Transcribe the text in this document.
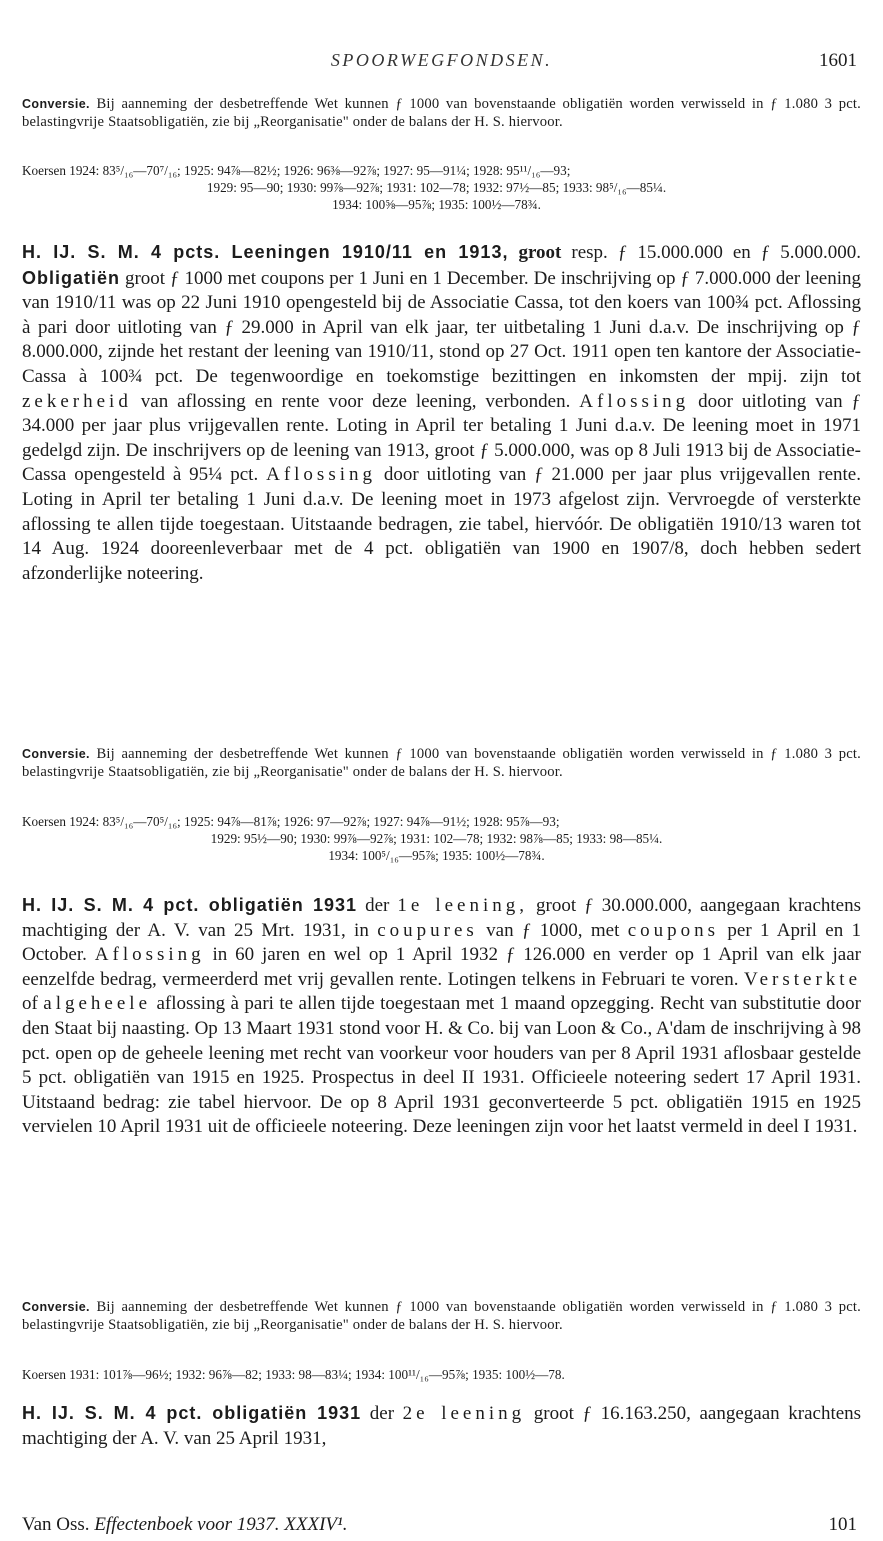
SPOORWEGFONDSEN.	1601
Conversie. Bij aanneming der desbetreffende Wet kunnen ƒ 1000 van bovenstaande obligatiën worden verwisseld in ƒ 1.080 3 pct. belastingvrije Staatsobligatiën, zie bij „Reorganisatie" onder de balans der H. S. hiervoor.
Koersen 1924: 83⁵/₁₆—70⁷/₁₆; 1925: 94⅞—82½; 1926: 96⅜—92⅞; 1927: 95—91¼; 1928: 95¹¹/₁₆—93;
1929: 95—90; 1930: 99⅞—92⅞; 1931: 102—78; 1932: 97½—85; 1933: 98⁵/₁₆—85¼.
1934: 100⅝—95⅞; 1935: 100½—78¾.
H. IJ. S. M. 4 pcts. Leeningen 1910/11 en 1913, groot resp. ƒ 15.000.000 en ƒ 5.000.000. Obligatiën groot ƒ 1000 met coupons per 1 Juni en 1 December. De inschrijving op ƒ 7.000.000 der leening van 1910/11 was op 22 Juni 1910 opengesteld bij de Associatie Cassa, tot den koers van 100¾ pct. Aflossing à pari door uitloting van ƒ 29.000 in April van elk jaar, ter uitbetaling 1 Juni d.a.v. De inschrijving op ƒ 8.000.000, zijnde het restant der leening van 1910/11, stond op 27 Oct. 1911 open ten kantore der Associatie-Cassa à 100¾ pct. De tegenwoordige en toekomstige bezittingen en inkomsten der mpij. zijn tot zekerheid van aflossing en rente voor deze leening, verbonden. Aflossing door uitloting van ƒ 34.000 per jaar plus vrijgevallen rente. Loting in April ter betaling 1 Juni d.a.v. De leening moet in 1971 gedelgd zijn. De inschrijvers op de leening van 1913, groot ƒ 5.000.000, was op 8 Juli 1913 bij de Associatie-Cassa opengesteld à 95¼ pct. Aflossing door uitloting van ƒ 21.000 per jaar plus vrijgevallen rente. Loting in April ter betaling 1 Juni d.a.v. De leening moet in 1973 afgelost zijn. Vervroegde of versterkte aflossing te allen tijde toegestaan. Uitstaande bedragen, zie tabel, hiervóór. De obligatiën 1910/13 waren tot 14 Aug. 1924 dooreenleverbaar met de 4 pct. obligatiën van 1900 en 1907/8, doch hebben sedert afzonderlijke noteering.
Conversie. Bij aanneming der desbetreffende Wet kunnen ƒ 1000 van bovenstaande obligatiën worden verwisseld in ƒ 1.080 3 pct. belastingvrije Staatsobligatiën, zie bij „Reorganisatie" onder de balans der H. S. hiervoor.
Koersen 1924: 83⁵/₁₆—70⁵/₁₆; 1925: 94⅞—81⅞; 1926: 97—92⅞; 1927: 94⅞—91½; 1928: 95⅞—93;
1929: 95½—90; 1930: 99⅞—92⅞; 1931: 102—78; 1932: 98⅞—85; 1933: 98—85¼.
1934: 100⁵/₁₆—95⅞; 1935: 100½—78¾.
H. IJ. S. M. 4 pct. obligatiën 1931 der 1e leening, groot ƒ 30.000.000, aangegaan krachtens machtiging der A. V. van 25 Mrt. 1931, in coupures van ƒ 1000, met coupons per 1 April en 1 October. Aflossing in 60 jaren en wel op 1 April 1932 ƒ 126.000 en verder op 1 April van elk jaar eenzelfde bedrag, vermeerderd met vrij gevallen rente. Lotingen telkens in Februari te voren. Versterkte of algeheele aflossing à pari te allen tijde toegestaan met 1 maand opzegging. Recht van substitutie door den Staat bij naasting. Op 13 Maart 1931 stond voor H. & Co. bij van Loon & Co., A'dam de inschrijving à 98 pct. open op de geheele leening met recht van voorkeur voor houders van per 8 April 1931 aflosbaar gestelde 5 pct. obligatiën van 1915 en 1925. Prospectus in deel II 1931. Officieele noteering sedert 17 April 1931. Uitstaand bedrag: zie tabel hiervoor. De op 8 April 1931 geconverteerde 5 pct. obligatiën 1915 en 1925 vervielen 10 April 1931 uit de officieele noteering. Deze leeningen zijn voor het laatst vermeld in deel I 1931.
Conversie. Bij aanneming der desbetreffende Wet kunnen ƒ 1000 van bovenstaande obligatiën worden verwisseld in ƒ 1.080 3 pct. belastingvrije Staatsobligatiën, zie bij „Reorganisatie" onder de balans der H. S. hiervoor.
Koersen 1931: 101⅞—96½; 1932: 96⅞—82; 1933: 98—83¼; 1934: 100¹¹/₁₆—95⅞; 1935: 100½—78.
H. IJ. S. M. 4 pct. obligatiën 1931 der 2e leening groot ƒ 16.163.250, aangegaan krachtens machtiging der A. V. van 25 April 1931,
Van Oss. Effectenboek voor 1937. XXXIV¹.	101
